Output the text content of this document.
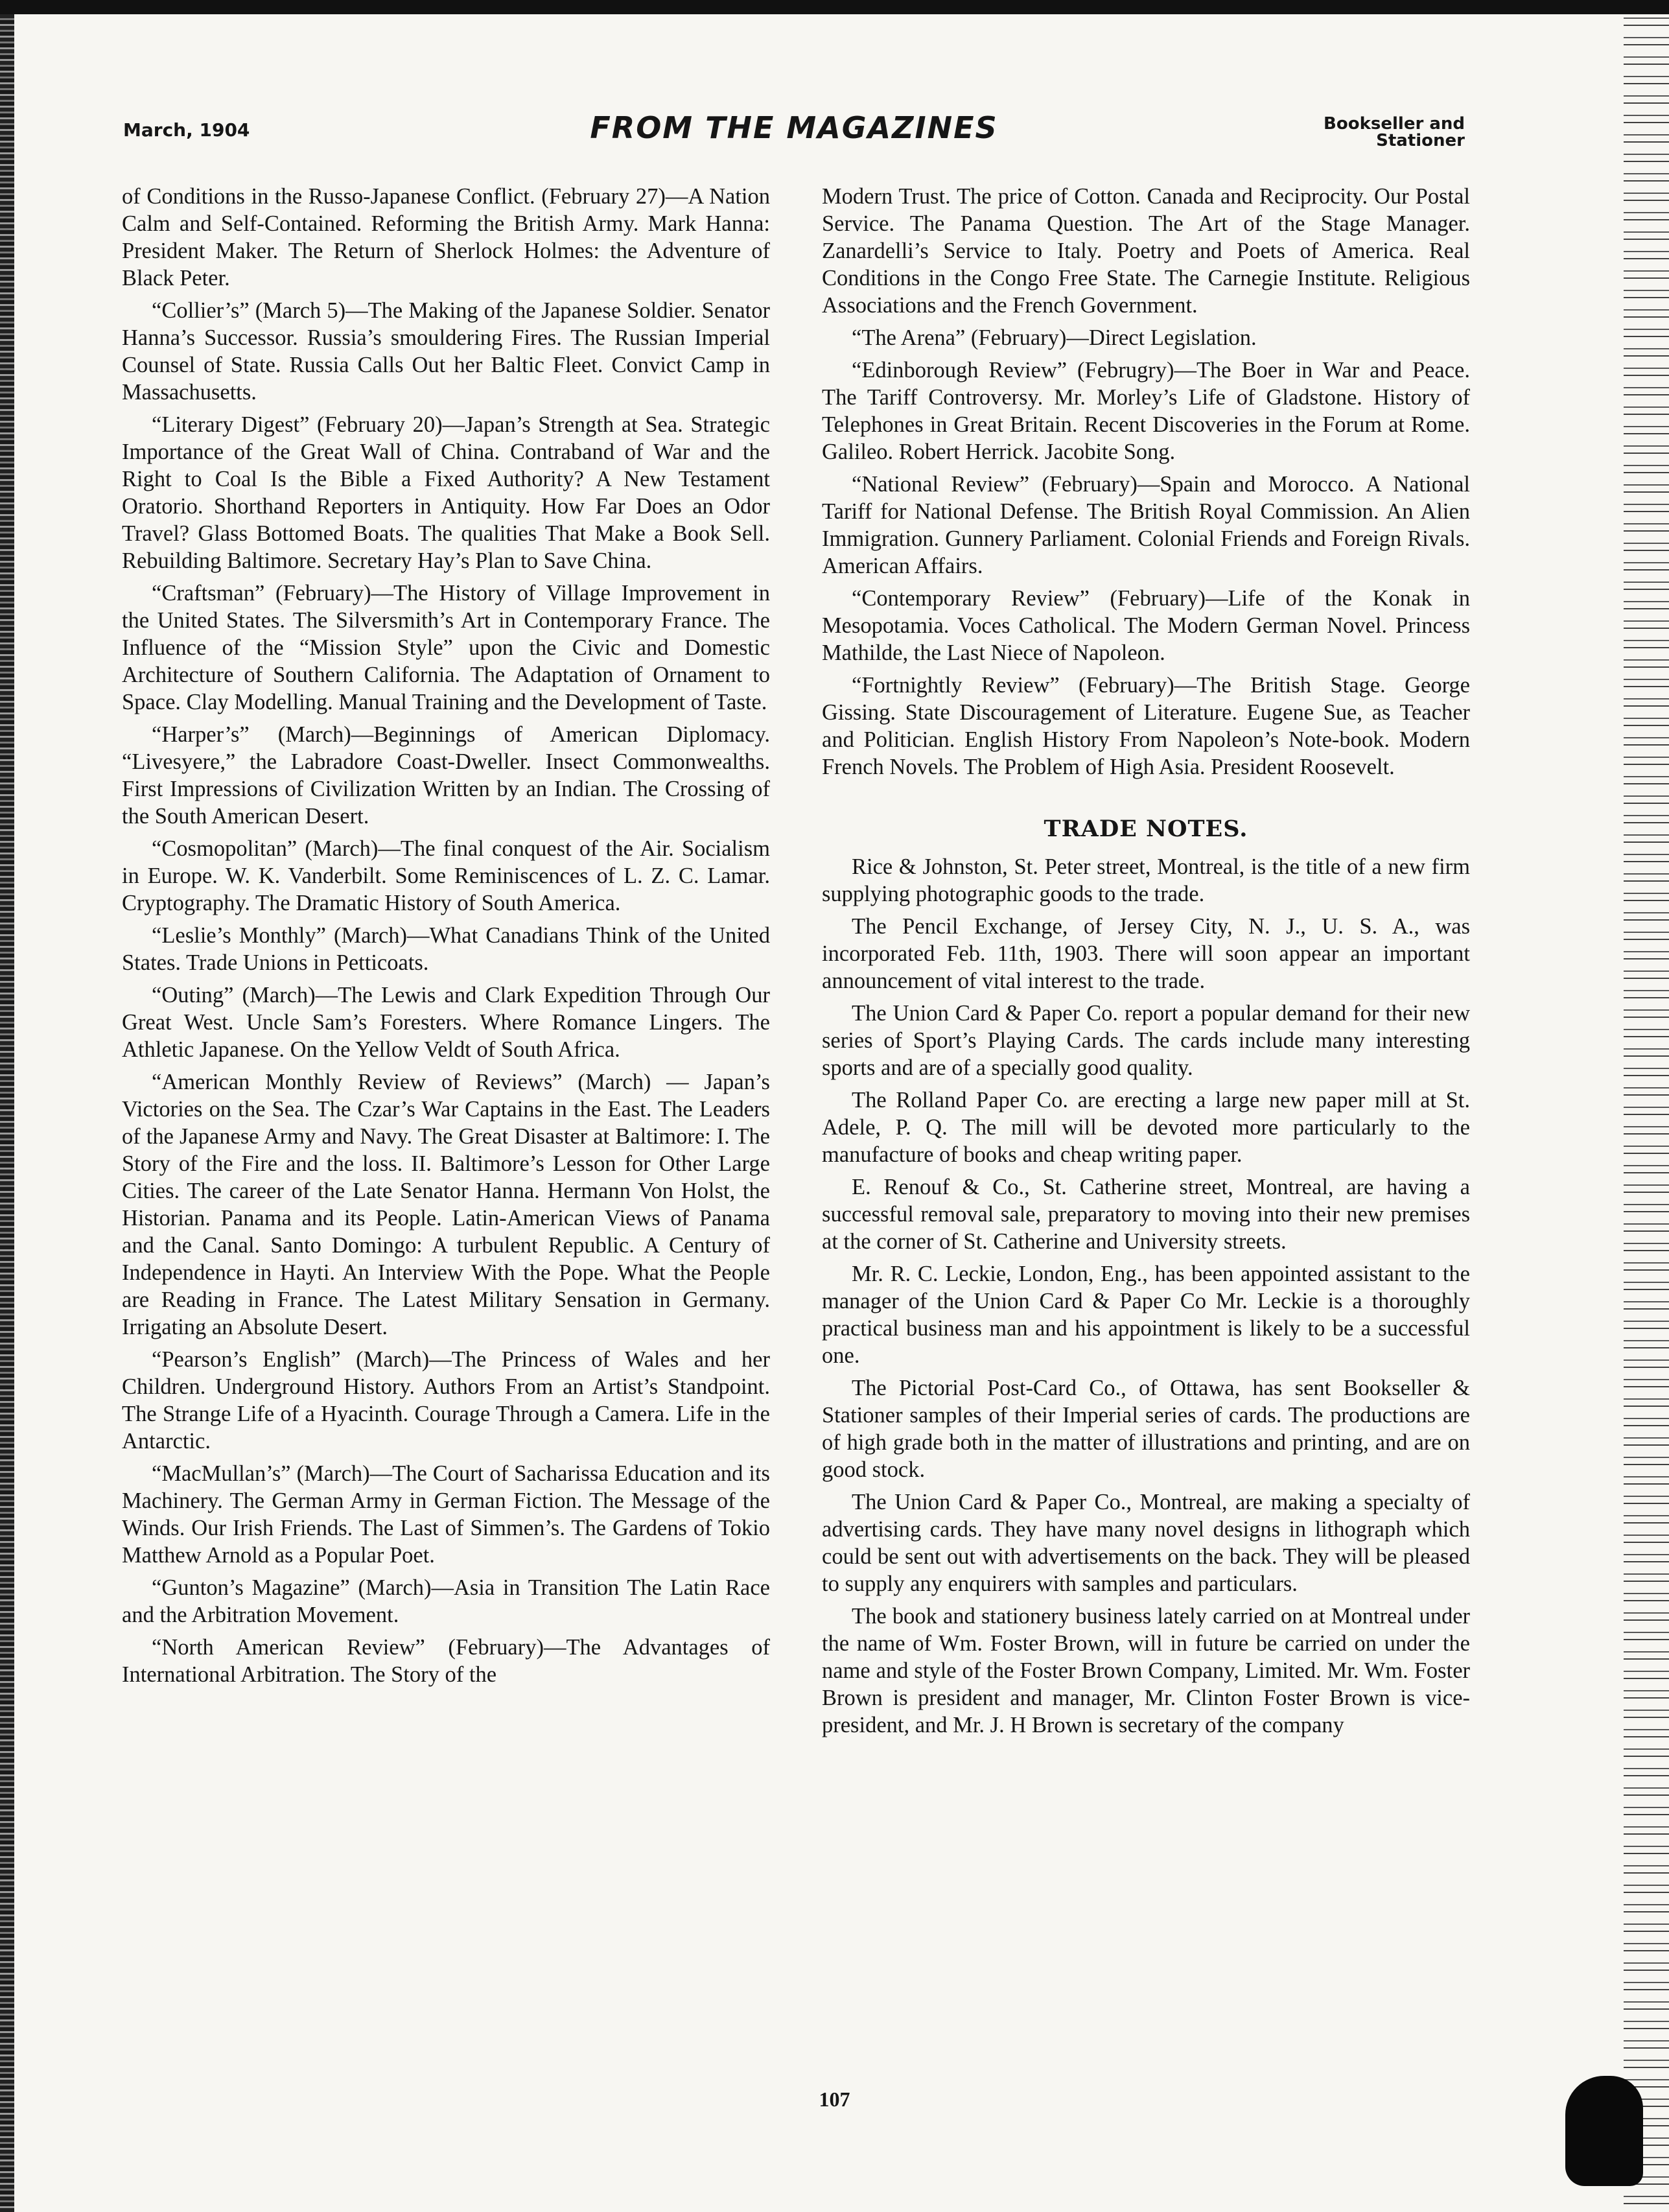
March, 1904	FROM THE MAGAZINES	Bookseller and
Stationer

of Conditions in the Russo-Japanese Conflict. (February 27)—A Nation Calm and Self-Contained. Reforming the British Army. Mark Hanna: President Maker. The Return of Sherlock Holmes: the Adventure of Black Peter.

“Collier’s” (March 5)—The Making of the Japanese Soldier. Senator Hanna’s Successor. Russia’s smouldering Fires. The Russian Imperial Counsel of State. Russia Calls Out her Baltic Fleet. Convict Camp in Massachusetts.

“Literary Digest” (February 20)—Japan’s Strength at Sea. Strategic Importance of the Great Wall of China. Contraband of War and the Right to Coal Is the Bible a Fixed Authority? A New Testament Oratorio. Shorthand Reporters in Antiquity. How Far Does an Odor Travel? Glass Bottomed Boats. The qualities That Make a Book Sell. Rebuilding Baltimore. Secretary Hay’s Plan to Save China.

“Craftsman” (February)—The History of Village Improvement in the United States. The Silversmith’s Art in Contemporary France. The Influence of the “Mission Style” upon the Civic and Domestic Architecture of Southern California. The Adaptation of Ornament to Space. Clay Modelling. Manual Training and the Development of Taste.

“Harper’s” (March)—Beginnings of American Diplomacy. “Livesyere,” the Labradore Coast-Dweller. Insect Commonwealths. First Impressions of Civilization Written by an Indian. The Crossing of the South American Desert.

“Cosmopolitan” (March)—The final conquest of the Air. Socialism in Europe. W. K. Vanderbilt. Some Reminiscences of L. Z. C. Lamar. Cryptography. The Dramatic History of South America.

“Leslie’s Monthly” (March)—What Canadians Think of the United States. Trade Unions in Petticoats.

“Outing” (March)—The Lewis and Clark Expedition Through Our Great West. Uncle Sam’s Foresters. Where Romance Lingers. The Athletic Japanese. On the Yellow Veldt of South Africa.

“American Monthly Review of Reviews” (March) — Japan’s Victories on the Sea. The Czar’s War Captains in the East. The Leaders of the Japanese Army and Navy. The Great Disaster at Baltimore: I. The Story of the Fire and the loss. II. Baltimore’s Lesson for Other Large Cities. The career of the Late Senator Hanna. Hermann Von Holst, the Historian. Panama and its People. Latin-American Views of Panama and the Canal. Santo Domingo: A turbulent Republic. A Century of Independence in Hayti. An Interview With the Pope. What the People are Reading in France. The Latest Military Sensation in Germany. Irrigating an Absolute Desert.

“Pearson’s English” (March)—The Princess of Wales and her Children. Underground History. Authors From an Artist’s Standpoint. The Strange Life of a Hyacinth. Courage Through a Camera. Life in the Antarctic.

“MacMullan’s” (March)—The Court of Sacharissa Education and its Machinery. The German Army in German Fiction. The Message of the Winds. Our Irish Friends. The Last of Simmen’s. The Gardens of Tokio Matthew Arnold as a Popular Poet.

“Gunton’s Magazine” (March)—Asia in Transition The Latin Race and the Arbitration Movement.

“North American Review” (February)—The Advantages of International Arbitration. The Story of the

Modern Trust. The price of Cotton. Canada and Reciprocity. Our Postal Service. The Panama Question. The Art of the Stage Manager. Zanardelli’s Service to Italy. Poetry and Poets of America. Real Conditions in the Congo Free State. The Carnegie Institute. Religious Associations and the French Government.

“The Arena” (February)—Direct Legislation.

“Edinborough Review” (Februgry)—The Boer in War and Peace. The Tariff Controversy. Mr. Morley’s Life of Gladstone. History of Telephones in Great Britain. Recent Discoveries in the Forum at Rome. Galileo. Robert Herrick. Jacobite Song.

“National Review” (February)—Spain and Morocco. A National Tariff for National Defense. The British Royal Commission. An Alien Immigration. Gunnery Parliament. Colonial Friends and Foreign Rivals. American Affairs.

“Contemporary Review” (February)—Life of the Konak in Mesopotamia. Voces Catholical. The Modern German Novel. Princess Mathilde, the Last Niece of Napoleon.

“Fortnightly Review” (February)—The British Stage. George Gissing. State Discouragement of Literature. Eugene Sue, as Teacher and Politician. English History From Napoleon’s Note-book. Modern French Novels. The Problem of High Asia. President Roosevelt.

TRADE NOTES.

Rice & Johnston, St. Peter street, Montreal, is the title of a new firm supplying photographic goods to the trade.

The Pencil Exchange, of Jersey City, N. J., U. S. A., was incorporated Feb. 11th, 1903. There will soon appear an important announcement of vital interest to the trade.

The Union Card & Paper Co. report a popular demand for their new series of Sport’s Playing Cards. The cards include many interesting sports and are of a specially good quality.

The Rolland Paper Co. are erecting a large new paper mill at St. Adele, P. Q. The mill will be devoted more particularly to the manufacture of books and cheap writing paper.

E. Renouf & Co., St. Catherine street, Montreal, are having a successful removal sale, preparatory to moving into their new premises at the corner of St. Catherine and University streets.

Mr. R. C. Leckie, London, Eng., has been appointed assistant to the manager of the Union Card & Paper Co Mr. Leckie is a thoroughly practical business man and his appointment is likely to be a successful one.

The Pictorial Post-Card Co., of Ottawa, has sent Bookseller & Stationer samples of their Imperial series of cards. The productions are of high grade both in the matter of illustrations and printing, and are on good stock.

The Union Card & Paper Co., Montreal, are making a specialty of advertising cards. They have many novel designs in lithograph which could be sent out with advertisements on the back. They will be pleased to supply any enquirers with samples and particulars.

The book and stationery business lately carried on at Montreal under the name of Wm. Foster Brown, will in future be carried on under the name and style of the Foster Brown Company, Limited. Mr. Wm. Foster Brown is president and manager, Mr. Clinton Foster Brown is vice-president, and Mr. J. H Brown is secretary of the company

107
